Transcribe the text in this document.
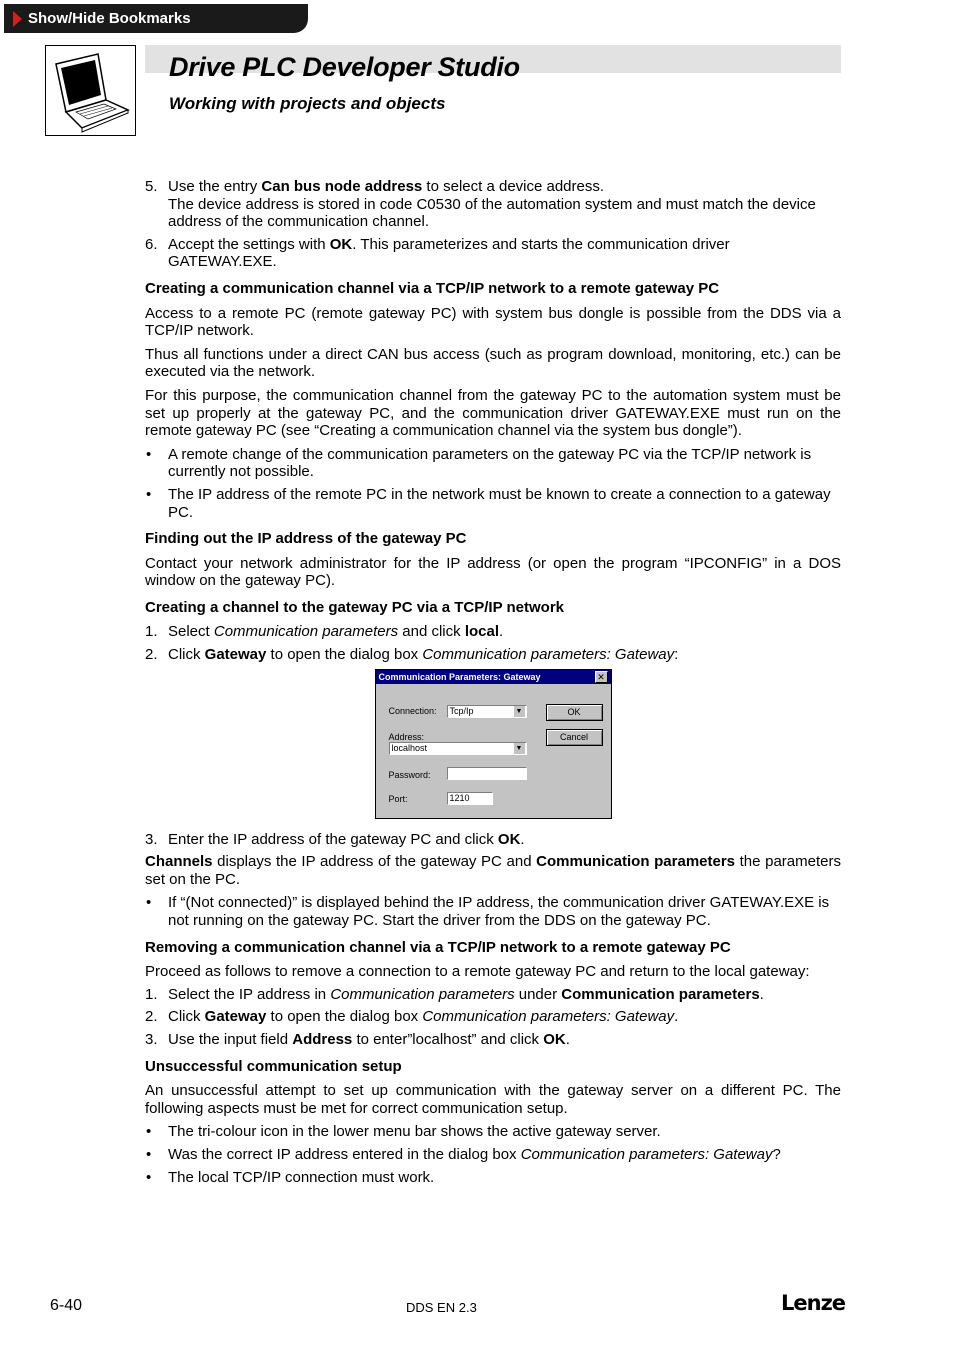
Show/Hide Bookmarks
Drive PLC Developer Studio
Working with projects and objects
5. Use the entry Can bus node address to select a device address.
The device address is stored in code C0530 of the automation system and must match the device address of the communication channel.
6. Accept the settings with OK. This parameterizes and starts the communication driver GATEWAY.EXE.
Creating a communication channel via a TCP/IP network to a remote gateway PC

Access to a remote PC (remote gateway PC) with system bus dongle is possible from the DDS via a TCP/IP network.

Thus all functions under a direct CAN bus access (such as program download, monitoring, etc.) can be executed via the network.

For this purpose, the communication channel from the gateway PC to the automation system must be set up properly at the gateway PC, and the communication driver GATEWAY.EXE must run on the remote gateway PC (see “Creating a communication channel via the system bus dongle”).

• A remote change of the communication parameters on the gateway PC via the TCP/IP network is currently not possible.
• The IP address of the remote PC in the network must be known to create a connection to a gateway PC.
Finding out the IP address of the gateway PC

Contact your network administrator for the IP address (or open the program “IPCONFIG” in a DOS window on the gateway PC).

Creating a channel to the gateway PC via a TCP/IP network
1. Select Communication parameters and click local.
2. Click Gateway to open the dialog box Communication parameters: Gateway:
Communication Parameters: Gateway	✕
Connection:	Tcp/Ip	▼
Address:
localhost	▼
Password:
Port:	1210
OK
Cancel
3. Enter the IP address of the gateway PC and click OK.

Channels displays the IP address of the gateway PC and Communication parameters the parameters set on the PC.

• If “(Not connected)” is displayed behind the IP address, the communication driver GATEWAY.EXE is not running on the gateway PC. Start the driver from the DDS on the gateway PC.
Removing a communication channel via a TCP/IP network to a remote gateway PC

Proceed as follows to remove a connection to a remote gateway PC and return to the local gateway:

1. Select the IP address in Communication parameters under Communication parameters.
2. Click Gateway to open the dialog box Communication parameters: Gateway.
3. Use the input field Address to enter”localhost” and click OK.
Unsuccessful communication setup

An unsuccessful attempt to set up communication with the gateway server on a different PC. The following aspects must be met for correct communication setup.

• The tri-colour icon in the lower menu bar shows the active gateway server.
• Was the correct IP address entered in the dialog box Communication parameters: Gateway?
• The local TCP/IP connection must work.
6-40	DDS EN 2.3	Lenze
